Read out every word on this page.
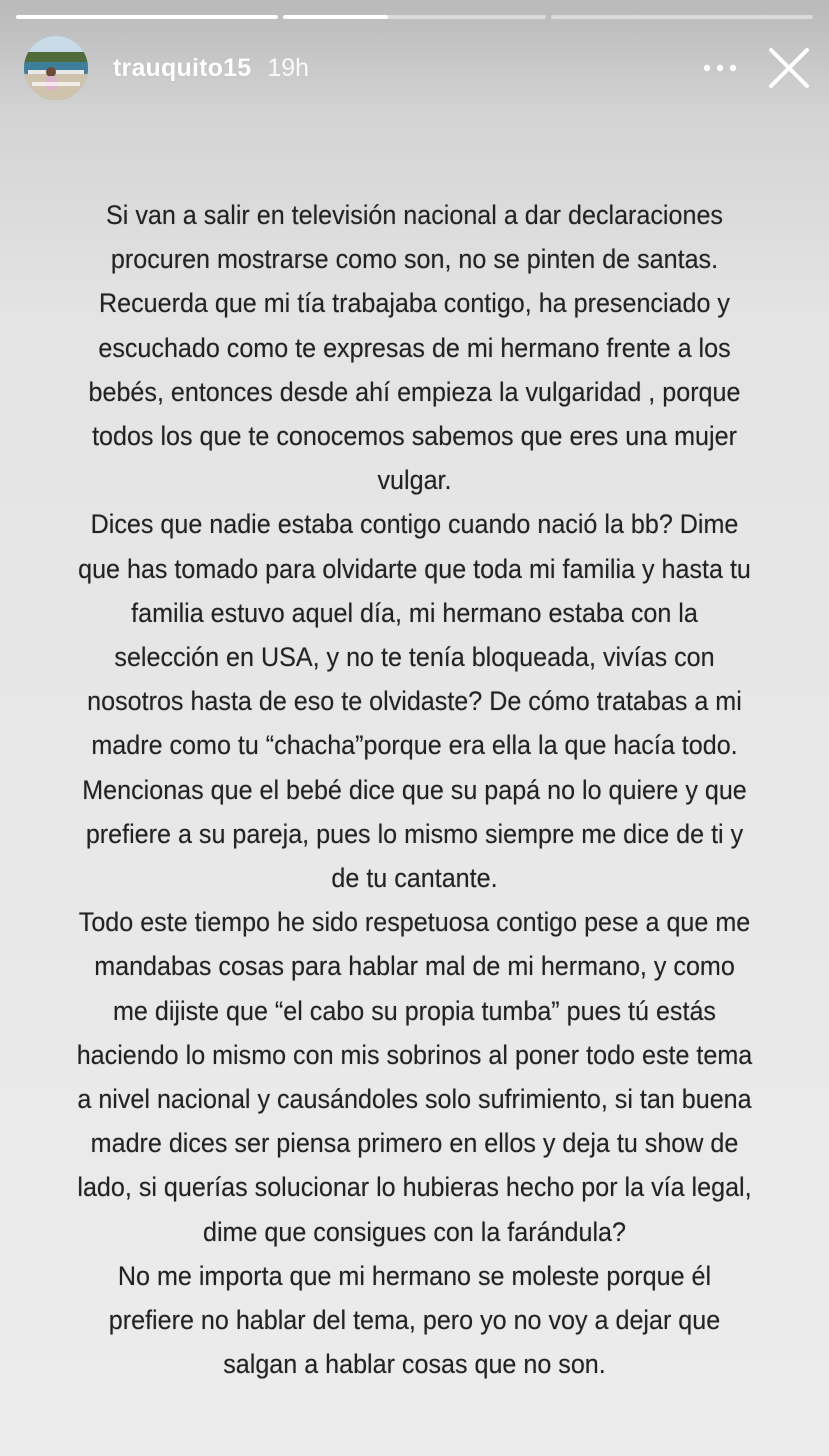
trauquito15 19h

Si van a salir en televisión nacional a dar declaraciones procuren mostrarse como son, no se pinten de santas.

Recuerda que mi tía trabajaba contigo, ha presenciado y escuchado como te expresas de mi hermano frente a los bebés, entonces desde ahí empieza la vulgaridad , porque todos los que te conocemos sabemos que eres una mujer vulgar.

Dices que nadie estaba contigo cuando nació la bb? Dime que has tomado para olvidarte que toda mi familia y hasta tu familia estuvo aquel día, mi hermano estaba con la selección en USA, y no te tenía bloqueada, vivías con nosotros hasta de eso te olvidaste? De cómo tratabas a mi madre como tu “chacha”porque era ella la que hacía todo.

Mencionas que el bebé dice que su papá no lo quiere y que prefiere a su pareja, pues lo mismo siempre me dice de ti y de tu cantante.

Todo este tiempo he sido respetuosa contigo pese a que me mandabas cosas para hablar mal de mi hermano, y como me dijiste que “el cabo su propia tumba” pues tú estás haciendo lo mismo con mis sobrinos al poner todo este tema a nivel nacional y causándoles solo sufrimiento, si tan buena madre dices ser piensa primero en ellos y deja tu show de lado, si querías solucionar lo hubieras hecho por la vía legal, dime que consigues con la farándula?

No me importa que mi hermano se moleste porque él prefiere no hablar del tema, pero yo no voy a dejar que salgan a hablar cosas que no son.
